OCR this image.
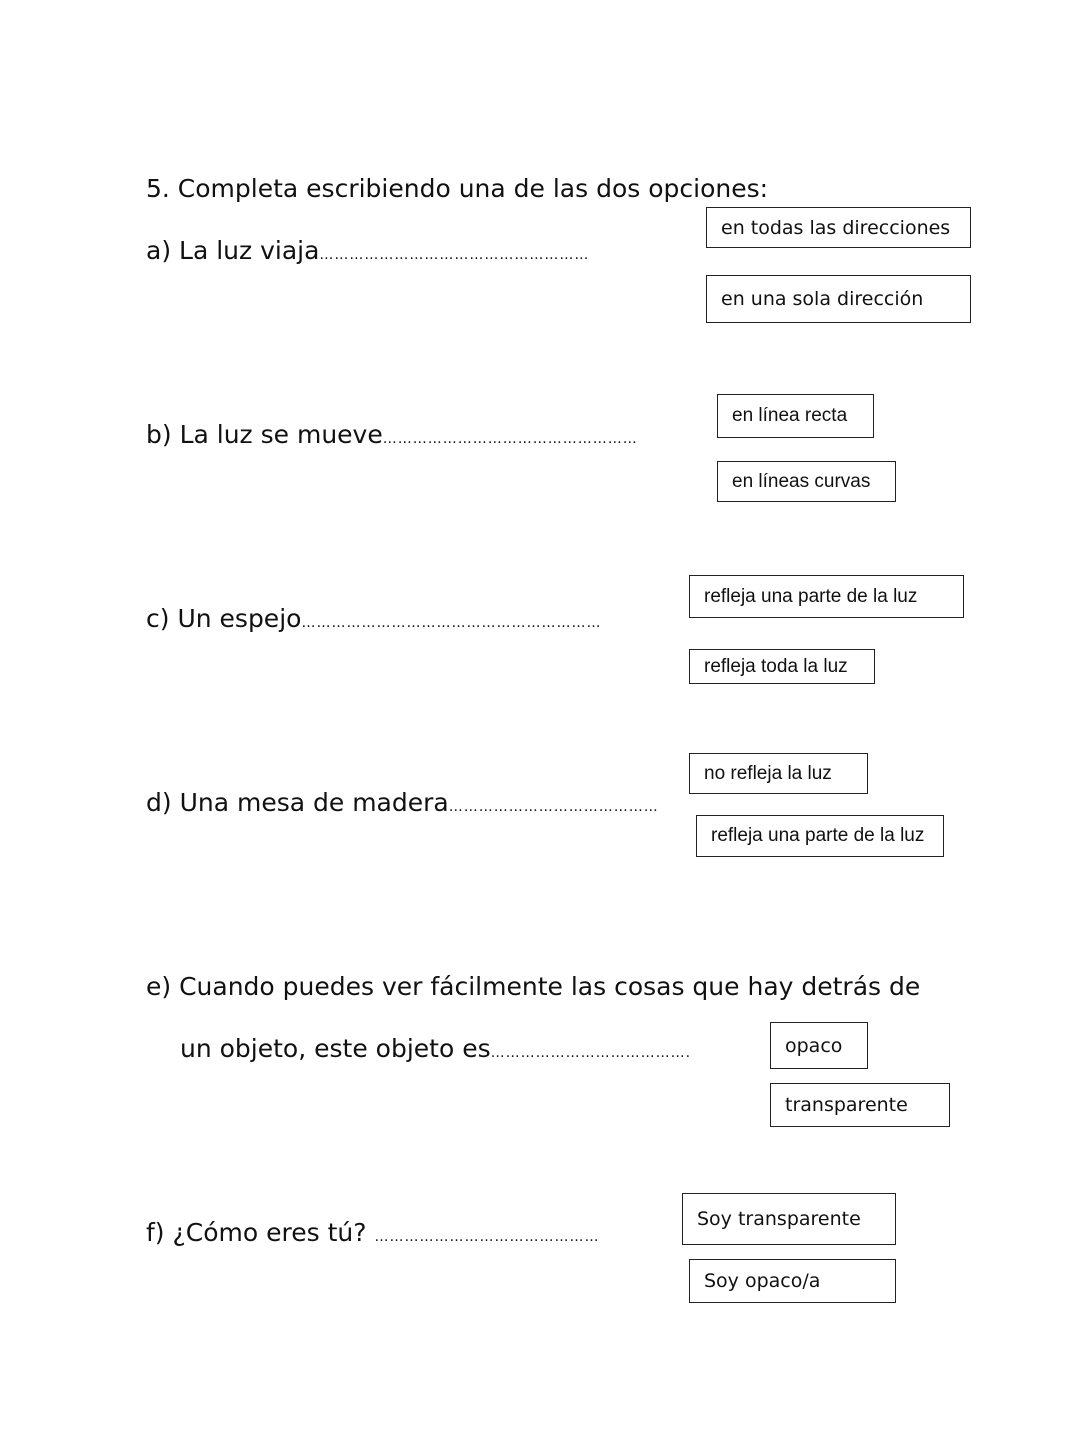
5. Completa escribiendo una de las dos opciones:
a) La luz viaja………………………………………………
en todas las direcciones
en una sola dirección
b) La luz se mueve……………………………………………
en línea recta
en líneas curvas
c) Un espejo……………………………………………………
refleja una parte de la luz
refleja toda la luz
d) Una mesa de madera……………………………………
no refleja la luz
refleja una parte de la luz
e) Cuando puedes ver fácilmente las cosas que hay detrás de
un objeto, este objeto es………………………………….	opaco
transparente
f) ¿Cómo eres tú? ………………………………………
Soy transparente
Soy opaco/a
